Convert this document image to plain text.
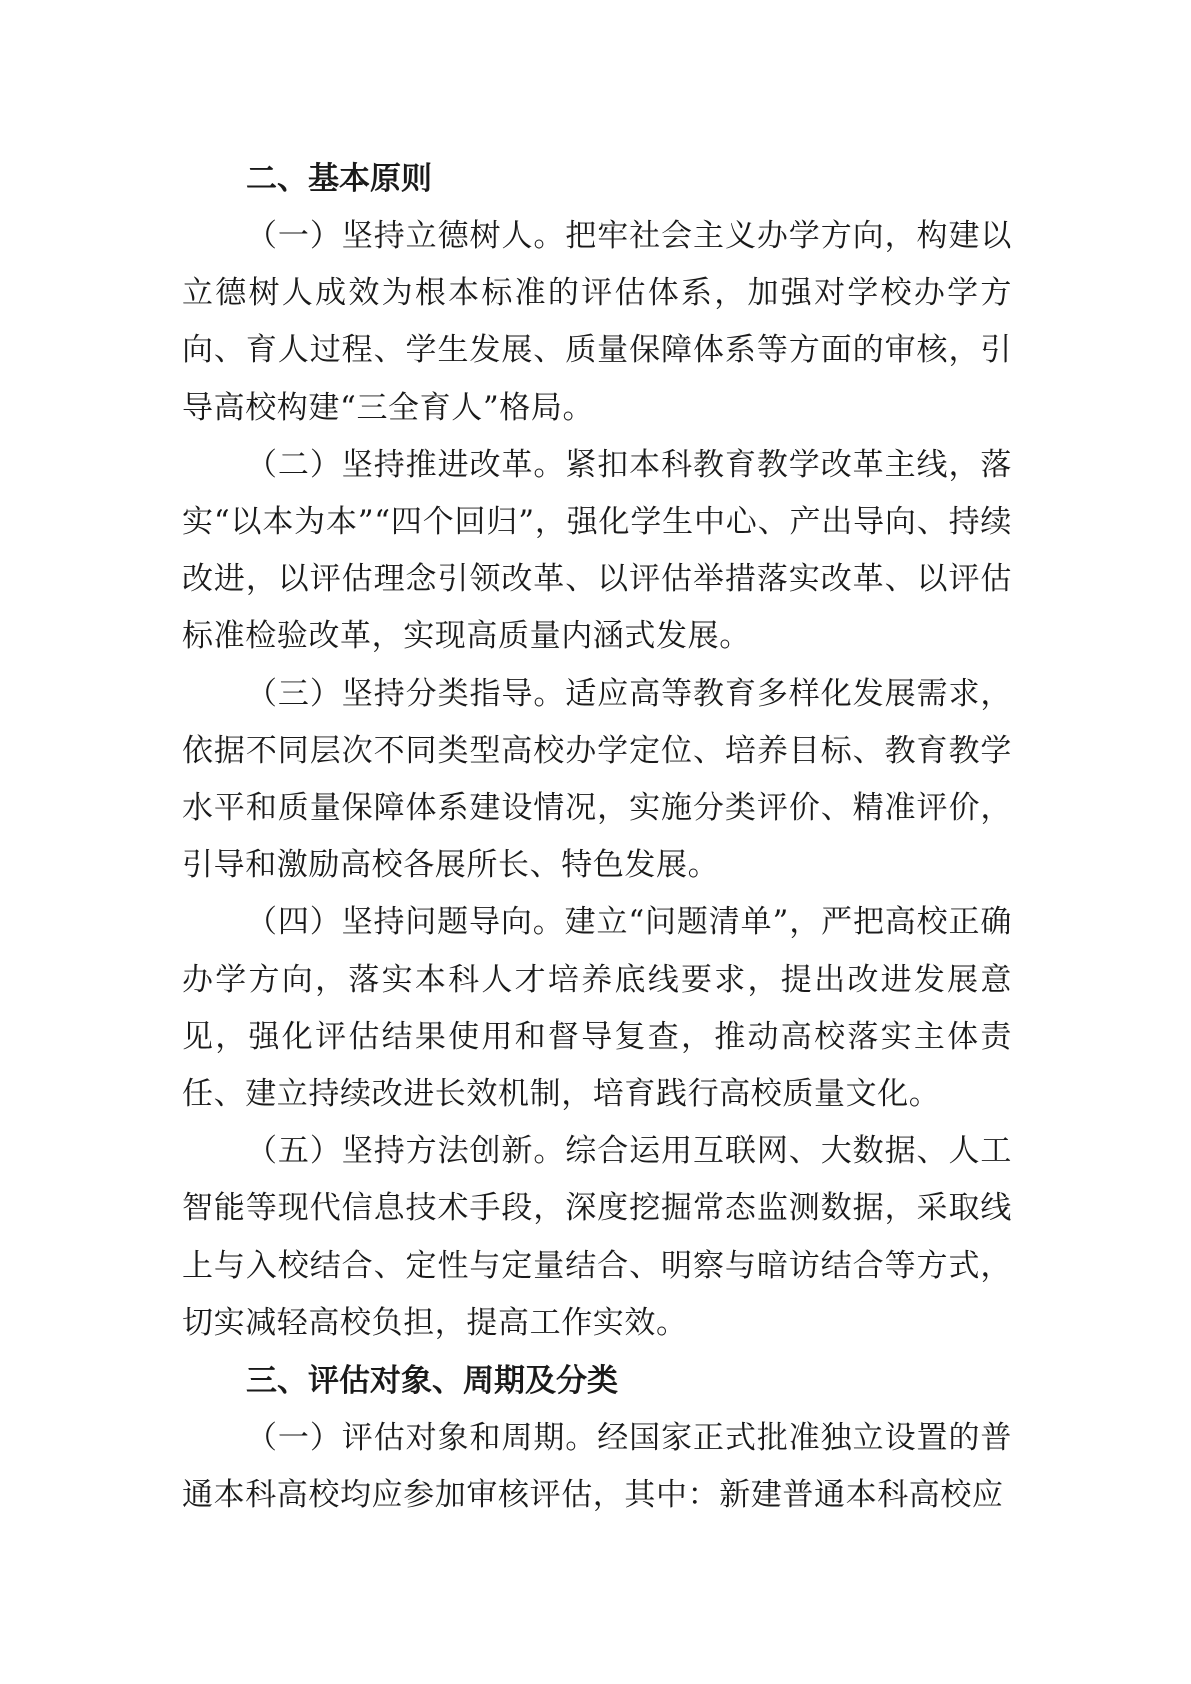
二、基本原则

（一）坚持立德树人。把牢社会主义办学方向，构建以立德树人成效为根本标准的评估体系，加强对学校办学方向、育人过程、学生发展、质量保障体系等方面的审核，引导高校构建“三全育人”格局。

（二）坚持推进改革。紧扣本科教育教学改革主线，落实“以本为本”“四个回归”，强化学生中心、产出导向、持续改进，以评估理念引领改革、以评估举措落实改革、以评估标准检验改革，实现高质量内涵式发展。

（三）坚持分类指导。适应高等教育多样化发展需求，依据不同层次不同类型高校办学定位、培养目标、教育教学水平和质量保障体系建设情况，实施分类评价、精准评价，引导和激励高校各展所长、特色发展。

（四）坚持问题导向。建立“问题清单”，严把高校正确办学方向，落实本科人才培养底线要求，提出改进发展意见，强化评估结果使用和督导复查，推动高校落实主体责任、建立持续改进长效机制，培育践行高校质量文化。

（五）坚持方法创新。综合运用互联网、大数据、人工智能等现代信息技术手段，深度挖掘常态监测数据，采取线上与入校结合、定性与定量结合、明察与暗访结合等方式，切实减轻高校负担，提高工作实效。

三、评估对象、周期及分类

（一）评估对象和周期。经国家正式批准独立设置的普通本科高校均应参加审核评估，其中：新建普通本科高校应
